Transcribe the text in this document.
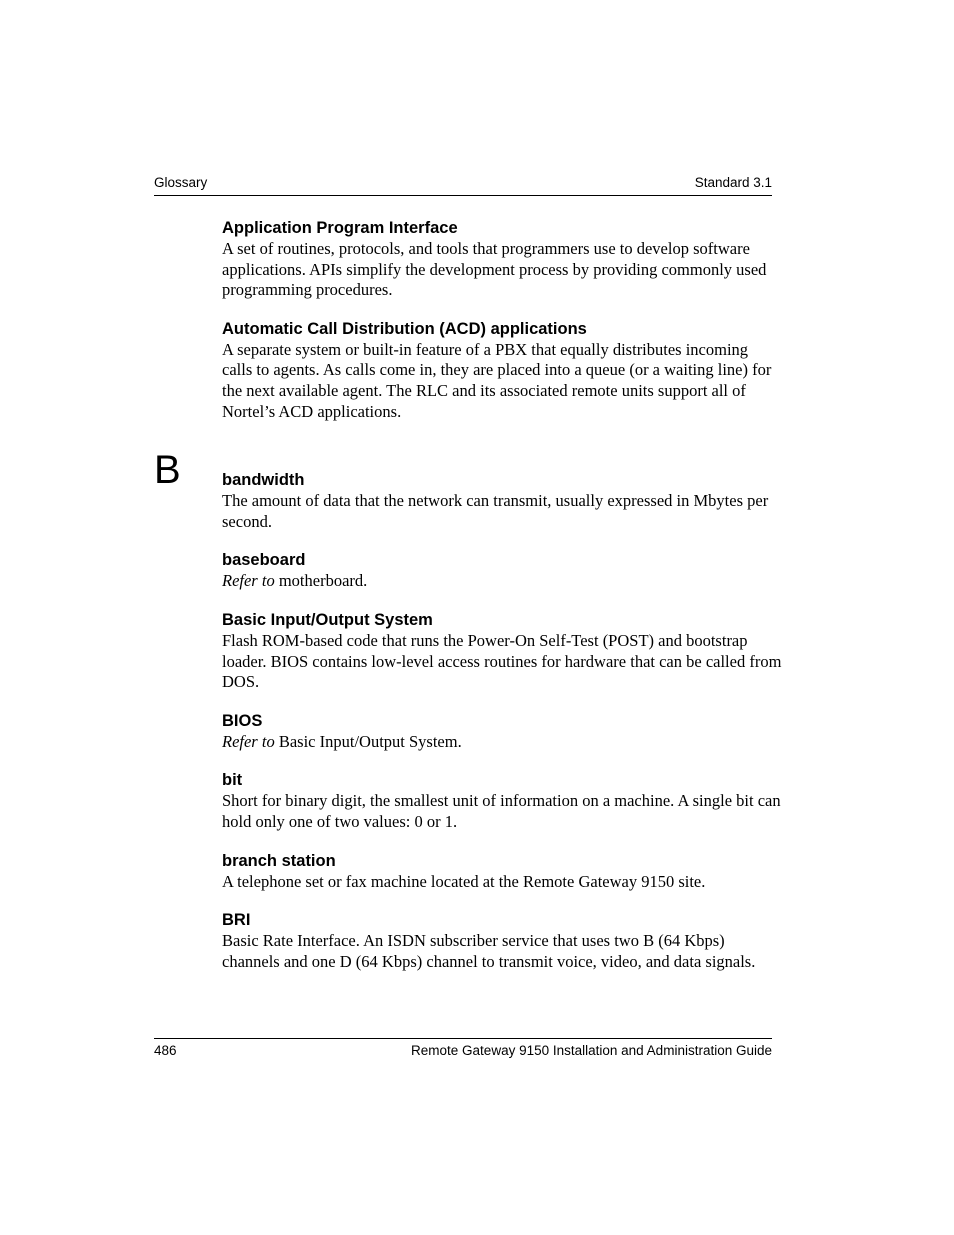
Glossary	Standard 3.1

Application Program Interface

A set of routines, protocols, and tools that programmers use to develop software applications. APIs simplify the development process by providing commonly used programming procedures.

Automatic Call Distribution (ACD) applications

A separate system or built-in feature of a PBX that equally distributes incoming calls to agents. As calls come in, they are placed into a queue (or a waiting line) for the next available agent. The RLC and its associated remote units support all of Nortel’s ACD applications.

bandwidth

The amount of data that the network can transmit, usually expressed in Mbytes per second.

baseboard

Refer to motherboard.

Basic Input/Output System

Flash ROM-based code that runs the Power-On Self-Test (POST) and bootstrap loader. BIOS contains low-level access routines for hardware that can be called from DOS.

BIOS

Refer to Basic Input/Output System.

bit

Short for binary digit, the smallest unit of information on a machine. A single bit can hold only one of two values: 0 or 1.

branch station

A telephone set or fax machine located at the Remote Gateway 9150 site.

BRI

Basic Rate Interface. An ISDN subscriber service that uses two B (64 Kbps) channels and one D (64 Kbps) channel to transmit voice, video, and data signals.

B
486	Remote Gateway 9150 Installation and Administration Guide
